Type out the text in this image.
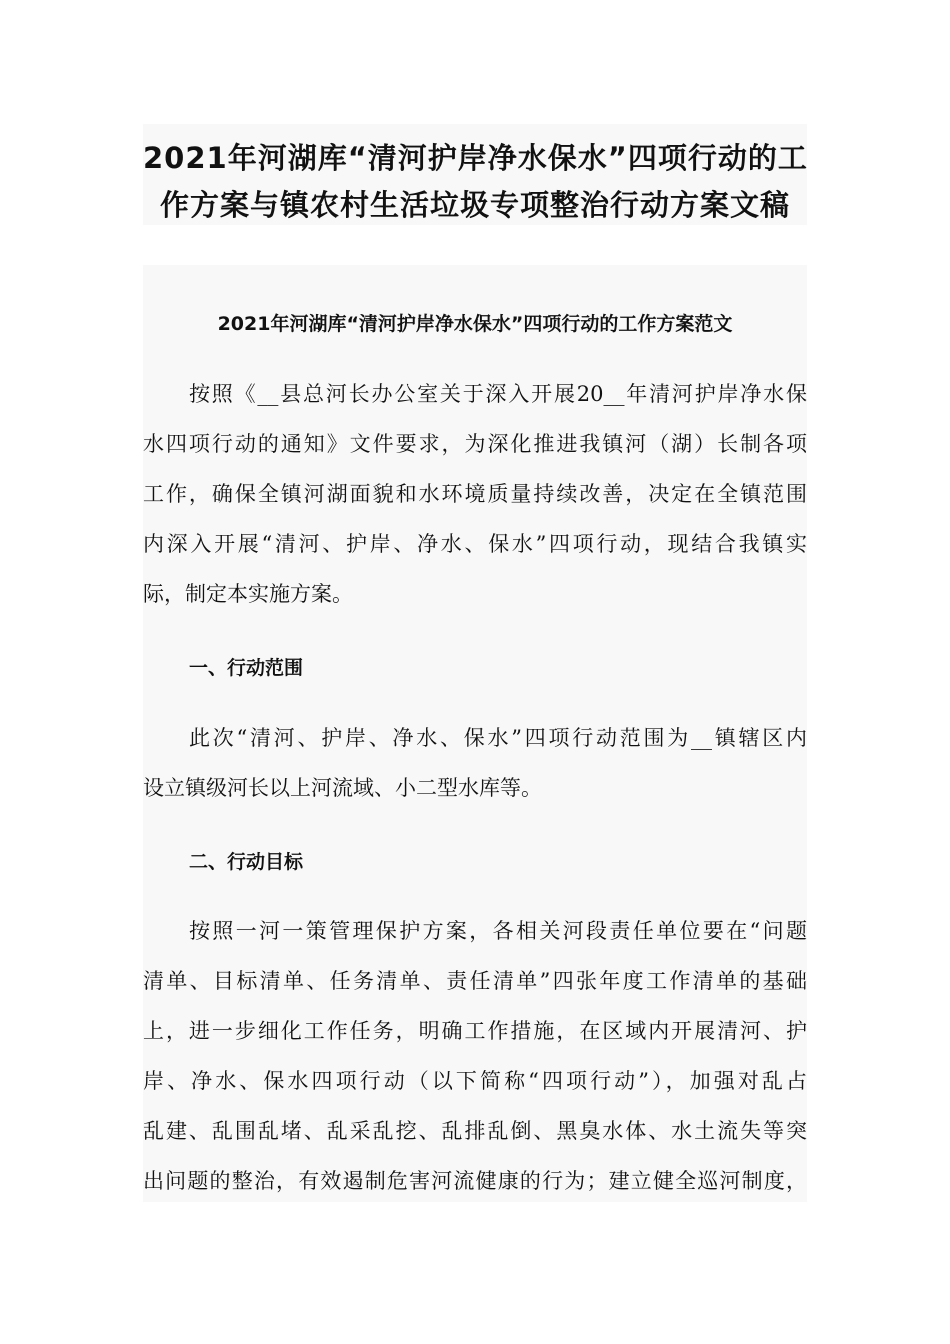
2021年河湖库“清河护岸净水保水”四项行动的工
作方案与镇农村生活垃圾专项整治行动方案文稿
2021年河湖库“清河护岸净水保水”四项行动的工作方案范文
按照《__县总河长办公室关于深入开展20__年清河护岸净水保
水四项行动的通知》文件要求，为深化推进我镇河（湖）长制各项
工作，确保全镇河湖面貌和水环境质量持续改善，决定在全镇范围
内深入开展“清河、护岸、净水、保水”四项行动，现结合我镇实
际，制定本实施方案。
一、行动范围
此次“清河、护岸、净水、保水”四项行动范围为__镇辖区内
设立镇级河长以上河流域、小二型水库等。
二、行动目标
按照一河一策管理保护方案，各相关河段责任单位要在“问题
清单、目标清单、任务清单、责任清单”四张年度工作清单的基础
上，进一步细化工作任务，明确工作措施，在区域内开展清河、护
岸、净水、保水四项行动（以下简称“四项行动”），加强对乱占
乱建、乱围乱堵、乱采乱挖、乱排乱倒、黑臭水体、水土流失等突
出问题的整治，有效遏制危害河流健康的行为；建立健全巡河制度，
